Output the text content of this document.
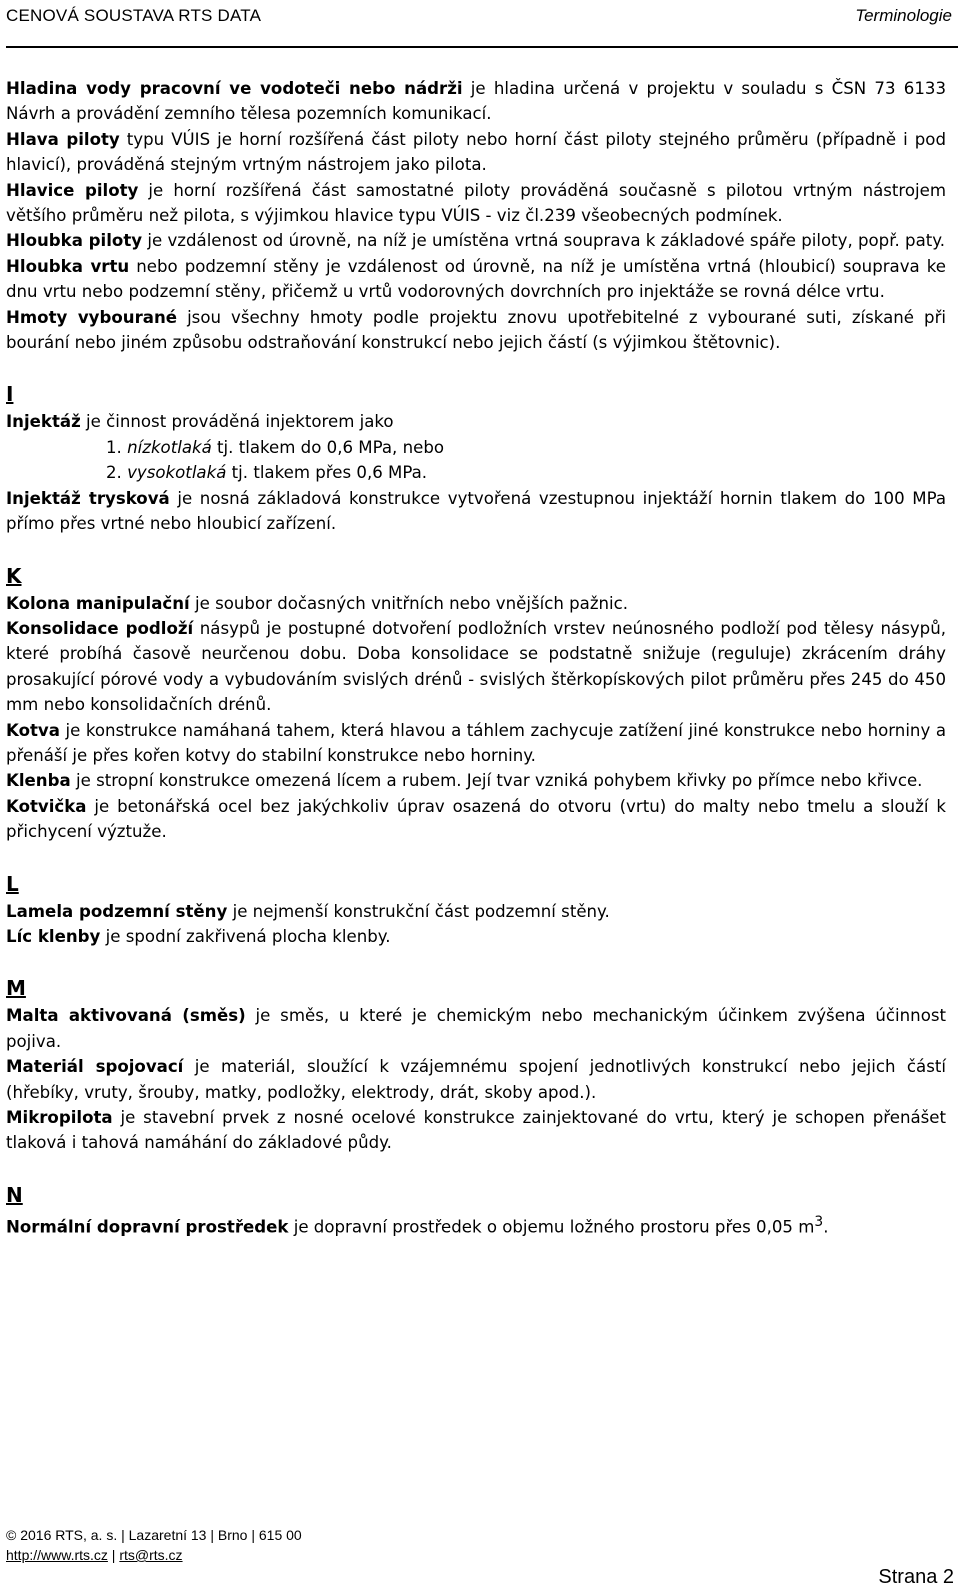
CENOVÁ SOUSTAVA RTS DATA	Terminologie

Hladina vody pracovní ve vodoteči nebo nádrži je hladina určená v projektu v souladu s ČSN 73 6133 Návrh a provádění zemního tělesa pozemních komunikací.

Hlava piloty typu VÚIS je horní rozšířená část piloty nebo horní část piloty stejného průměru (případně i pod hlavicí), prováděná stejným vrtným nástrojem jako pilota.

Hlavice piloty je horní rozšířená část samostatné piloty prováděná současně s pilotou vrtným nástrojem většího průměru než pilota, s výjimkou hlavice typu VÚIS - viz čl.239 všeobecných podmínek.

Hloubka piloty je vzdálenost od úrovně, na níž je umístěna vrtná souprava k základové spáře piloty, popř. paty.

Hloubka vrtu nebo podzemní stěny je vzdálenost od úrovně, na níž je umístěna vrtná (hloubicí) souprava ke dnu vrtu nebo podzemní stěny, přičemž u vrtů vodorovných dovrchních pro injektáže se rovná délce vrtu.

Hmoty vybourané jsou všechny hmoty podle projektu znovu upotřebitelné z vybourané suti, získané při bourání nebo jiném způsobu odstraňování konstrukcí nebo jejich částí (s výjimkou štětovnic).

I

Injektáž je činnost prováděná injektorem jako

1. nízkotlaká tj. tlakem do 0,6 MPa, nebo

2. vysokotlaká tj. tlakem přes 0,6 MPa.

Injektáž trysková je nosná základová konstrukce vytvořená vzestupnou injektáží hornin tlakem do 100 MPa přímo přes vrtné nebo hloubicí zařízení.

K

Kolona manipulační je soubor dočasných vnitřních nebo vnějších pažnic.

Konsolidace podloží násypů je postupné dotvoření podložních vrstev neúnosného podloží pod tělesy násypů, které probíhá časově neurčenou dobu. Doba konsolidace se podstatně snižuje (reguluje) zkrácením dráhy prosakující pórové vody a vybudováním svislých drénů - svislých štěrkopískových pilot průměru přes 245 do 450 mm nebo konsolidačních drénů.

Kotva je konstrukce namáhaná tahem, která hlavou a táhlem zachycuje zatížení jiné konstrukce nebo horniny a přenáší je přes kořen kotvy do stabilní konstrukce nebo horniny.

Klenba je stropní konstrukce omezená lícem a rubem. Její tvar vzniká pohybem křivky po přímce nebo křivce.

Kotvička je betonářská ocel bez jakýchkoliv úprav osazená do otvoru (vrtu) do malty nebo tmelu a slouží k přichycení výztuže.

L

Lamela podzemní stěny je nejmenší konstrukční část podzemní stěny.

Líc klenby je spodní zakřivená plocha klenby.

M

Malta aktivovaná (směs) je směs, u které je chemickým nebo mechanickým účinkem zvýšena účinnost pojiva.

Materiál spojovací je materiál, sloužící k vzájemnému spojení jednotlivých konstrukcí nebo jejich částí (hřebíky, vruty, šrouby, matky, podložky, elektrody, drát, skoby apod.).

Mikropilota je stavební prvek z nosné ocelové konstrukce zainjektované do vrtu, který je schopen přenášet tlaková i tahová namáhání do základové půdy.

N

Normální dopravní prostředek je dopravní prostředek o objemu ložného prostoru přes 0,05 $m^3$.

© 2016 RTS, a. s. | Lazaretní 13 | Brno | 615 00
http://www.rts.cz | rts@rts.cz
Strana 2
